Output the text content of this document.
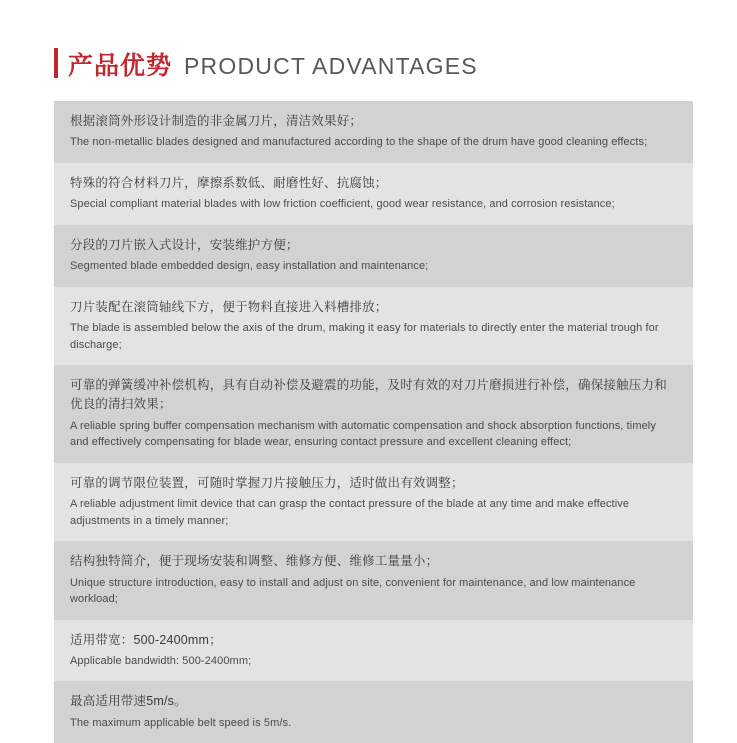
产品优势 PRODUCT ADVANTAGES
根据滚筒外形设计制造的非金属刀片，清洁效果好；
The non-metallic blades designed and manufactured according to the shape of the drum have good cleaning effects;
特殊的符合材料刀片，摩擦系数低、耐磨性好、抗腐蚀；
Special compliant material blades with low friction coefficient, good wear resistance, and corrosion resistance;
分段的刀片嵌入式设计，安装维护方便；
Segmented blade embedded design, easy installation and maintenance;
刀片装配在滚筒轴线下方，便于物料直接进入料槽排放；
The blade is assembled below the axis of the drum, making it easy for materials to directly enter the material trough for discharge;
可靠的弹簧缓冲补偿机构，具有自动补偿及避震的功能，及时有效的对刀片磨损进行补偿，确保接触压力和优良的清扫效果；
A reliable spring buffer compensation mechanism with automatic compensation and shock absorption functions, timely and effectively compensating for blade wear, ensuring contact pressure and excellent cleaning effect;
可靠的调节限位装置，可随时掌握刀片接触压力，适时做出有效调整；
A reliable adjustment limit device that can grasp the contact pressure of the blade at any time and make effective adjustments in a timely manner;
结构独特简介，便于现场安装和调整、维修方便、维修工量量小；
Unique structure introduction, easy to install and adjust on site, convenient for maintenance, and low maintenance workload;
适用带宽：500-2400mm；
Applicable bandwidth: 500-2400mm;
最高适用带速5m/s。
The maximum applicable belt speed is 5m/s.
